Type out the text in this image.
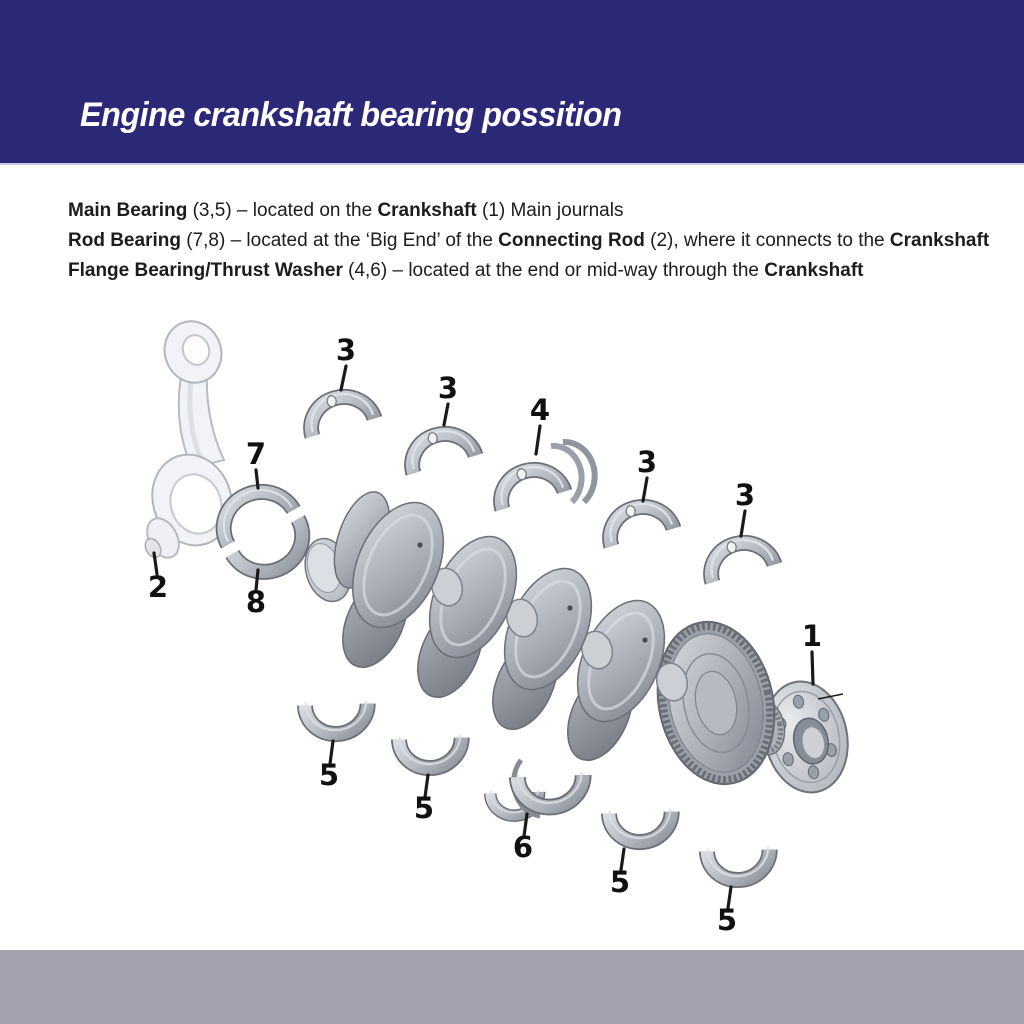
Engine crankshaft bearing possition

Main Bearing (3,5) – located on the Crankshaft (1) Main journals

Rod Bearing (7,8) – located at the ‘Big End’ of the Connecting Rod (2), where it connects to the Crankshaft

Flange Bearing/Thrust Washer (4,6) – located at the end or mid-way through the Crankshaft

1
2
3
3
3
3
4
5
5
5
5
6
7
8
